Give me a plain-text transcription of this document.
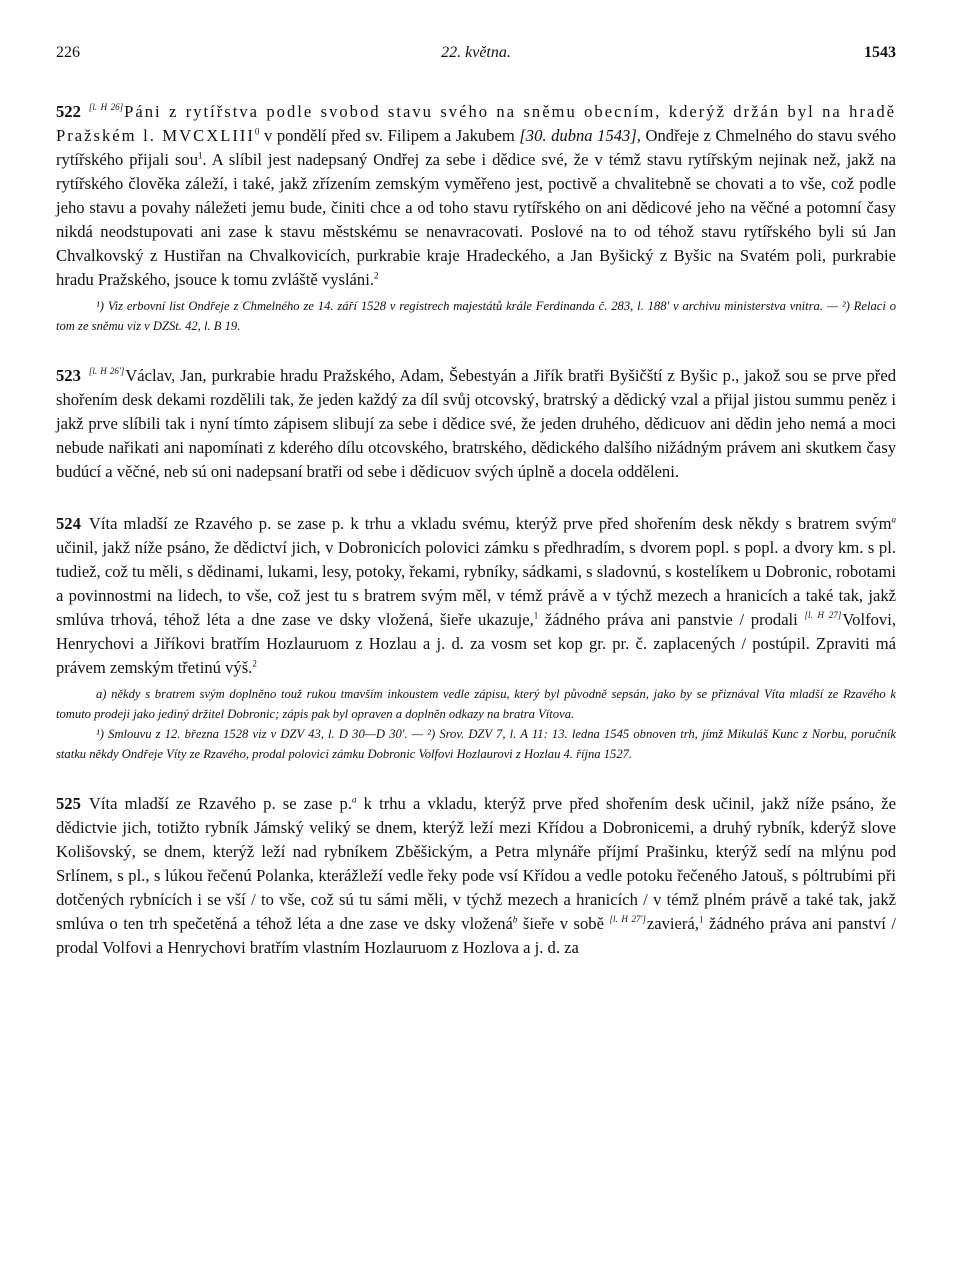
226	22. května.	1543

522 [l. H 26]Páni z rytířstva podle svobod stavu svého na sněmu obecním, kderýž držán byl na hradě Pražském l. MVCXLIII$^0$ v pondělí před sv. Filipem a Jakubem [30. dubna 1543], Ondřeje z Chmelného do stavu svého rytířského přijali sou$^1$. A slíbil jest nadepsaný Ondřej za sebe i dědice své, že v témž stavu rytířským nejinak než, jakž na rytířského člověka záleží, i také, jakž zřízením zemským vyměřeno jest, poctivě a chvalitebně se chovati a to vše, což podle jeho stavu a povahy náležeti jemu bude, činiti chce a od toho stavu rytířského on ani dědicové jeho na věčné a potomní časy nikdá neodstupovati ani zase k stavu městskému se nenavracovati. Poslové na to od téhož stavu rytířského byli sú Jan Chvalkovský z Hustiřan na Chvalkovicích, purkrabie kraje Hradeckého, a Jan Byšický z Byšic na Svatém poli, purkrabie hradu Pražského, jsouce k tomu zvláště vysláni.$^2$

¹) Viz erbovní list Ondřeje z Chmelného ze 14. září 1528 v registrech majestátů krále Ferdinanda č. 283, l. 188' v archivu ministerstva vnitra. — ²) Relaci o tom ze sněmu viz v DZSt. 42, l. B 19.

523 [l. H 26']Václav, Jan, purkrabie hradu Pražského, Adam, Šebestyán a Jiřík bratři Byšičští z Byšic p., jakož sou se prve před shořením desk dekami rozdělili tak, že jeden každý za díl svůj otcovský, bratrský a dědický vzal a přijal jistou summu peněz i jakž prve slíbili tak i nyní tímto zápisem slibují za sebe i dědice své, že jeden druhého, dědicuov ani dědin jeho nemá a moci nebude nařikati ani napomínati z kderého dílu otcovského, bratrského, dědického dalšího nižádným právem ani skutkem časy budúcí a věčné, neb sú oni nadepsaní bratři od sebe i dědicuov svých úplně a docela odděleni.

524 Víta mladší ze Rzavého p. se zase p. k trhu a vkladu svému, kterýž prve před shořením desk někdy s bratrem svým$^a$ učinil, jakž níže psáno, že dědictví jich, v Dobronicích polovici zámku s předhradím, s dvorem popl. s popl. a dvory km. s pl. tudiež, což tu měli, s dědinami, lukami, lesy, potoky, řekami, rybníky, sádkami, s sladovnú, s kostelíkem u Dobronic, robotami a povinnostmi na lidech, to vše, což jest tu s bratrem svým měl, v témž právě a v týchž mezech a hranicích a také tak, jakž smlúva trhová, téhož léta a dne zase ve dsky vložená, šieře ukazuje,$^1$ žádného práva ani panstvie / prodali [l. H 27]Volfovi, Henrychovi a Jiříkovi bratřím Hozlauruom z Hozlau a j. d. za vosm set kop gr. pr. č. zaplacených / postúpil. Zpraviti má právem zemským třetinú výš.$^2$

a) někdy s bratrem svým doplněno touž rukou tmavším inkoustem vedle zápisu, který byl původně sepsán, jako by se přiznával Víta mladší ze Rzavého k tomuto prodeji jako jediný držitel Dobronic; zápis pak byl opraven a doplněn odkazy na bratra Vítova.

¹) Smlouvu z 12. března 1528 viz v DZV 43, l. D 30—D 30'. — ²) Srov. DZV 7, l. A 11: 13. ledna 1545 obnoven trh, jímž Mikuláš Kunc z Norbu, poručník statku někdy Ondřeje Víty ze Rzavého, prodal polovici zámku Dobronic Volfovi Hozlaurovi z Hozlau 4. října 1527.

525 Víta mladší ze Rzavého p. se zase p.$^a$ k trhu a vkladu, kterýž prve před shořením desk učinil, jakž níže psáno, že dědictvie jich, totižto rybník Jámský veliký se dnem, kterýž leží mezi Křídou a Dobronicemi, a druhý rybník, kderýž slove Kolišovský, se dnem, kterýž leží nad rybníkem Zběšickým, a Petra mlynáře příjmí Prašinku, kterýž sedí na mlýnu pod Srlínem, s pl., s lúkou řečenú Polanka, kterážleží vedle řeky pode vsí Křídou a vedle potoku řečeného Jatouš, s póltrubími při dotčených rybnících i se vší / to vše, což sú tu sámi měli, v týchž mezech a hranicích / v témž plném právě a také tak, jakž smlúva o ten trh spečetěná a téhož léta a dne zase ve dsky vložená$^b$ šieře v sobě [l. H 27']zavierá,$^1$ žádného práva ani panství / prodal Volfovi a Henrychovi bratřím vlastním Hozlauruom z Hozlova a j. d. za
